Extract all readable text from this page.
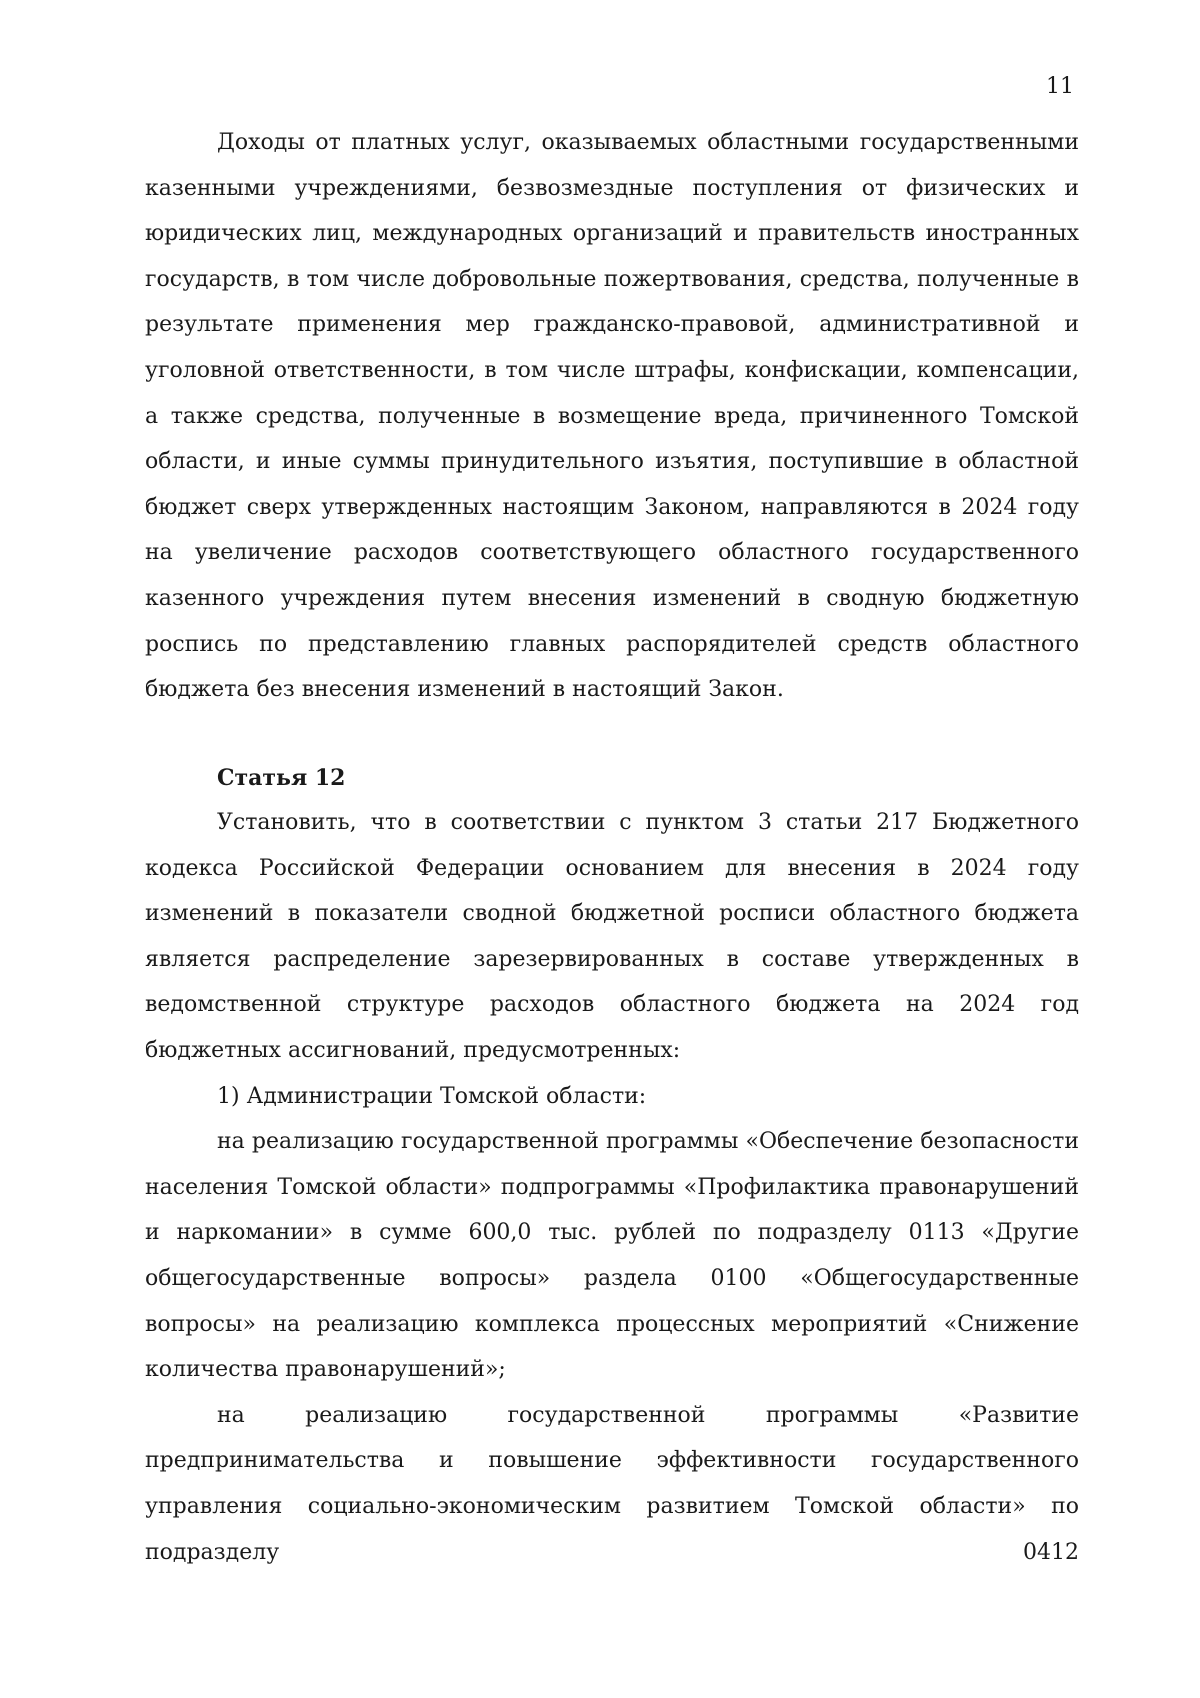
11

Доходы от платных услуг, оказываемых областными государственными казенными учреждениями, безвозмездные поступления от физических и юридических лиц, международных организаций и правительств иностранных государств, в том числе добровольные пожертвования, средства, полученные в результате применения мер гражданско-правовой, административной и уголовной ответственности, в том числе штрафы, конфискации, компенсации, а также средства, полученные в возмещение вреда, причиненного Томской области, и иные суммы принудительного изъятия, поступившие в областной бюджет сверх утвержденных настоящим Законом, направляются в 2024 году на увеличение расходов соответствующего областного государственного казенного учреждения путем внесения изменений в сводную бюджетную роспись по представлению главных распорядителей средств областного бюджета без внесения изменений в настоящий Закон.

Статья 12

Установить, что в соответствии с пунктом 3 статьи 217 Бюджетного кодекса Российской Федерации основанием для внесения в 2024 году изменений в показатели сводной бюджетной росписи областного бюджета является распределение зарезервированных в составе утвержденных в ведомственной структуре расходов областного бюджета на 2024 год бюджетных ассигнований, предусмотренных:

1) Администрации Томской области:

на реализацию государственной программы «Обеспечение безопасности населения Томской области» подпрограммы «Профилактика правонарушений и наркомании» в сумме 600,0 тыс. рублей по подразделу 0113 «Другие общегосударственные вопросы» раздела 0100 «Общегосударственные вопросы» на реализацию комплекса процессных мероприятий «Снижение количества правонарушений»;

на реализацию государственной программы «Развитие предпринимательства и повышение эффективности государственного управления социально-экономическим развитием Томской области» по подразделу 0412
